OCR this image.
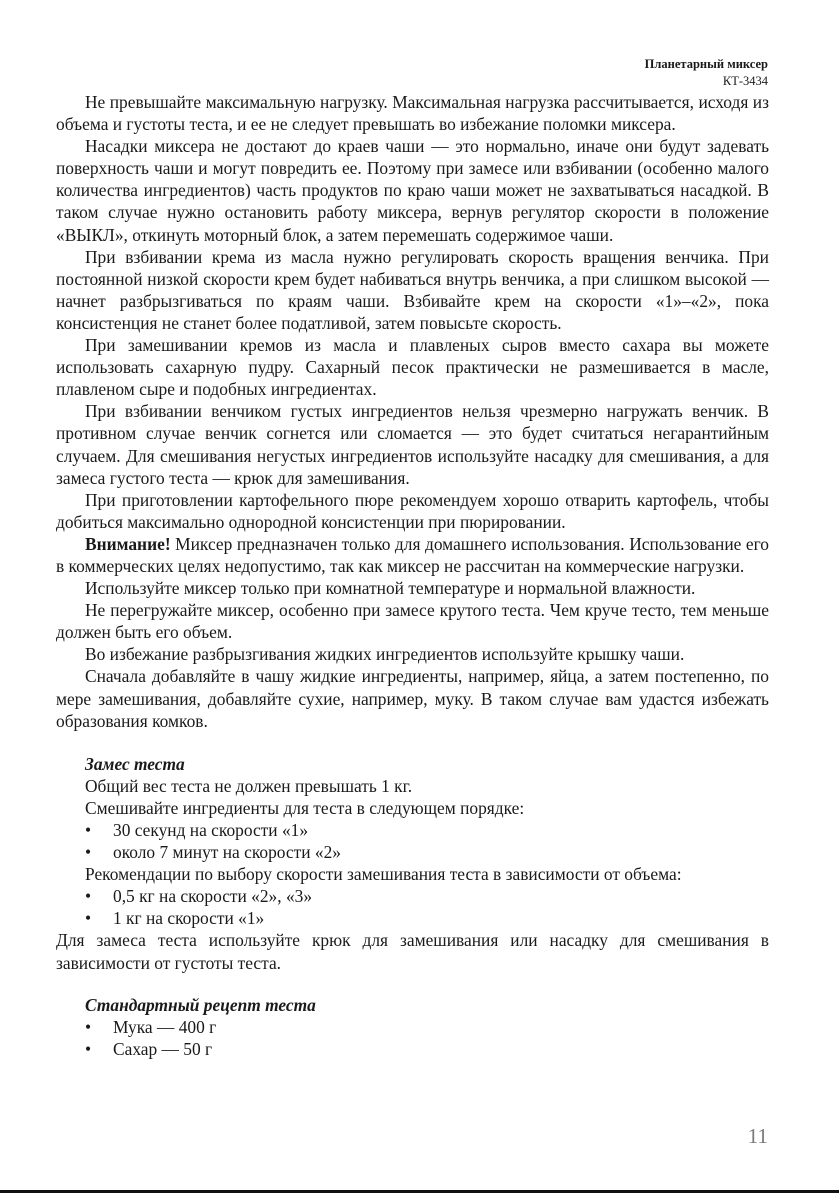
Планетарный миксер
КТ-3434

Не превышайте максимальную нагрузку. Максимальная нагрузка рассчитывается, исходя из объема и густоты теста, и ее не следует превышать во избежание поломки миксера.

Насадки миксера не достают до краев чаши — это нормально, иначе они будут задевать поверхность чаши и могут повредить ее. Поэтому при замесе или взбивании (особенно малого количества ингредиентов) часть продуктов по краю чаши может не захватываться насадкой. В таком случае нужно остановить работу миксера, вернув регулятор скорости в положение «ВЫКЛ», откинуть моторный блок, а затем перемешать содержимое чаши.

При взбивании крема из масла нужно регулировать скорость вращения венчика. При постоянной низкой скорости крем будет набиваться внутрь венчика, а при слишком высокой — начнет разбрызгиваться по краям чаши. Взбивайте крем на скорости «1»–«2», пока консистенция не станет более податливой, затем повысьте скорость.

При замешивании кремов из масла и плавленых сыров вместо сахара вы можете использовать сахарную пудру. Сахарный песок практически не размешивается в масле, плавленом сыре и подобных ингредиентах.

При взбивании венчиком густых ингредиентов нельзя чрезмерно нагружать венчик. В противном случае венчик согнется или сломается — это будет считаться негарантийным случаем. Для смешивания негустых ингредиентов используйте насадку для смешивания, а для замеса густого теста — крюк для замешивания.

При приготовлении картофельного пюре рекомендуем хорошо отварить картофель, чтобы добиться максимально однородной консистенции при пюрировании.

Внимание! Миксер предназначен только для домашнего использования. Использование его в коммерческих целях недопустимо, так как миксер не рассчитан на коммерческие нагрузки.

Используйте миксер только при комнатной температуре и нормальной влажности.

Не перегружайте миксер, особенно при замесе крутого теста. Чем круче тесто, тем меньше должен быть его объем.

Во избежание разбрызгивания жидких ингредиентов используйте крышку чаши.

Сначала добавляйте в чашу жидкие ингредиенты, например, яйца, а затем постепенно, по мере замешивания, добавляйте сухие, например, муку. В таком случае вам удастся избежать образования комков.

Замес теста

Общий вес теста не должен превышать 1 кг.

Смешивайте ингредиенты для теста в следующем порядке:

• 30 секунд на скорости «1»
• около 7 минут на скорости «2»

Рекомендации по выбору скорости замешивания теста в зависимости от объема:

• 0,5 кг на скорости «2», «3»
• 1 кг на скорости «1»

Для замеса теста используйте крюк для замешивания или насадку для смешивания в зависимости от густоты теста.

Стандартный рецепт теста
• Мука — 400 г
• Сахар — 50 г
11
